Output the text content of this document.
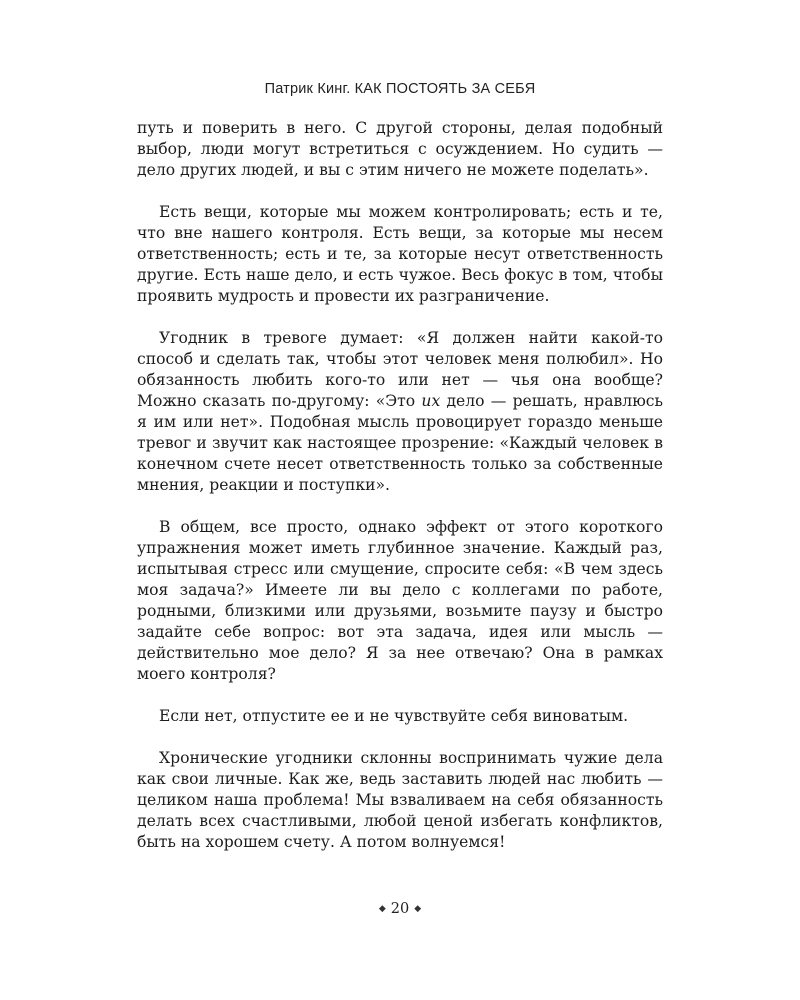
Патрик Кинг. КАК ПОСТОЯТЬ ЗА СЕБЯ

путь и поверить в него. С другой стороны, делая подобный выбор, люди могут встретиться с осуждением. Но судить — дело других людей, и вы с этим ничего не можете поделать».

Есть вещи, которые мы можем контролировать; есть и те, что вне нашего контроля. Есть вещи, за которые мы несем ответственность; есть и те, за которые несут ответственность другие. Есть наше дело, и есть чужое. Весь фокус в том, чтобы проявить мудрость и провести их разграничение.

Угодник в тревоге думает: «Я должен найти какой-то способ и сделать так, чтобы этот человек меня полюбил». Но обязанность любить кого-то или нет — чья она вообще? Можно сказать по-другому: «Это их дело — решать, нравлюсь я им или нет». Подобная мысль провоцирует гораздо меньше тревог и звучит как настоящее прозрение: «Каждый человек в конечном счете несет ответственность только за собственные мнения, реакции и поступки».

В общем, все просто, однако эффект от этого короткого упражнения может иметь глубинное значение. Каждый раз, испытывая стресс или смущение, спросите себя: «В чем здесь моя задача?» Имеете ли вы дело с коллегами по работе, родными, близкими или друзьями, возьмите паузу и быстро задайте себе вопрос: вот эта задача, идея или мысль — действительно мое дело? Я за нее отвечаю? Она в рамках моего контроля?

Если нет, отпустите ее и не чувствуйте себя виноватым.

Хронические угодники склонны воспринимать чужие дела как свои личные. Как же, ведь заставить людей нас любить — целиком наша проблема! Мы взваливаем на себя обязанность делать всех счастливыми, любой ценой избегать конфликтов, быть на хорошем счету. А потом волнуемся!

◆ 20 ◆
